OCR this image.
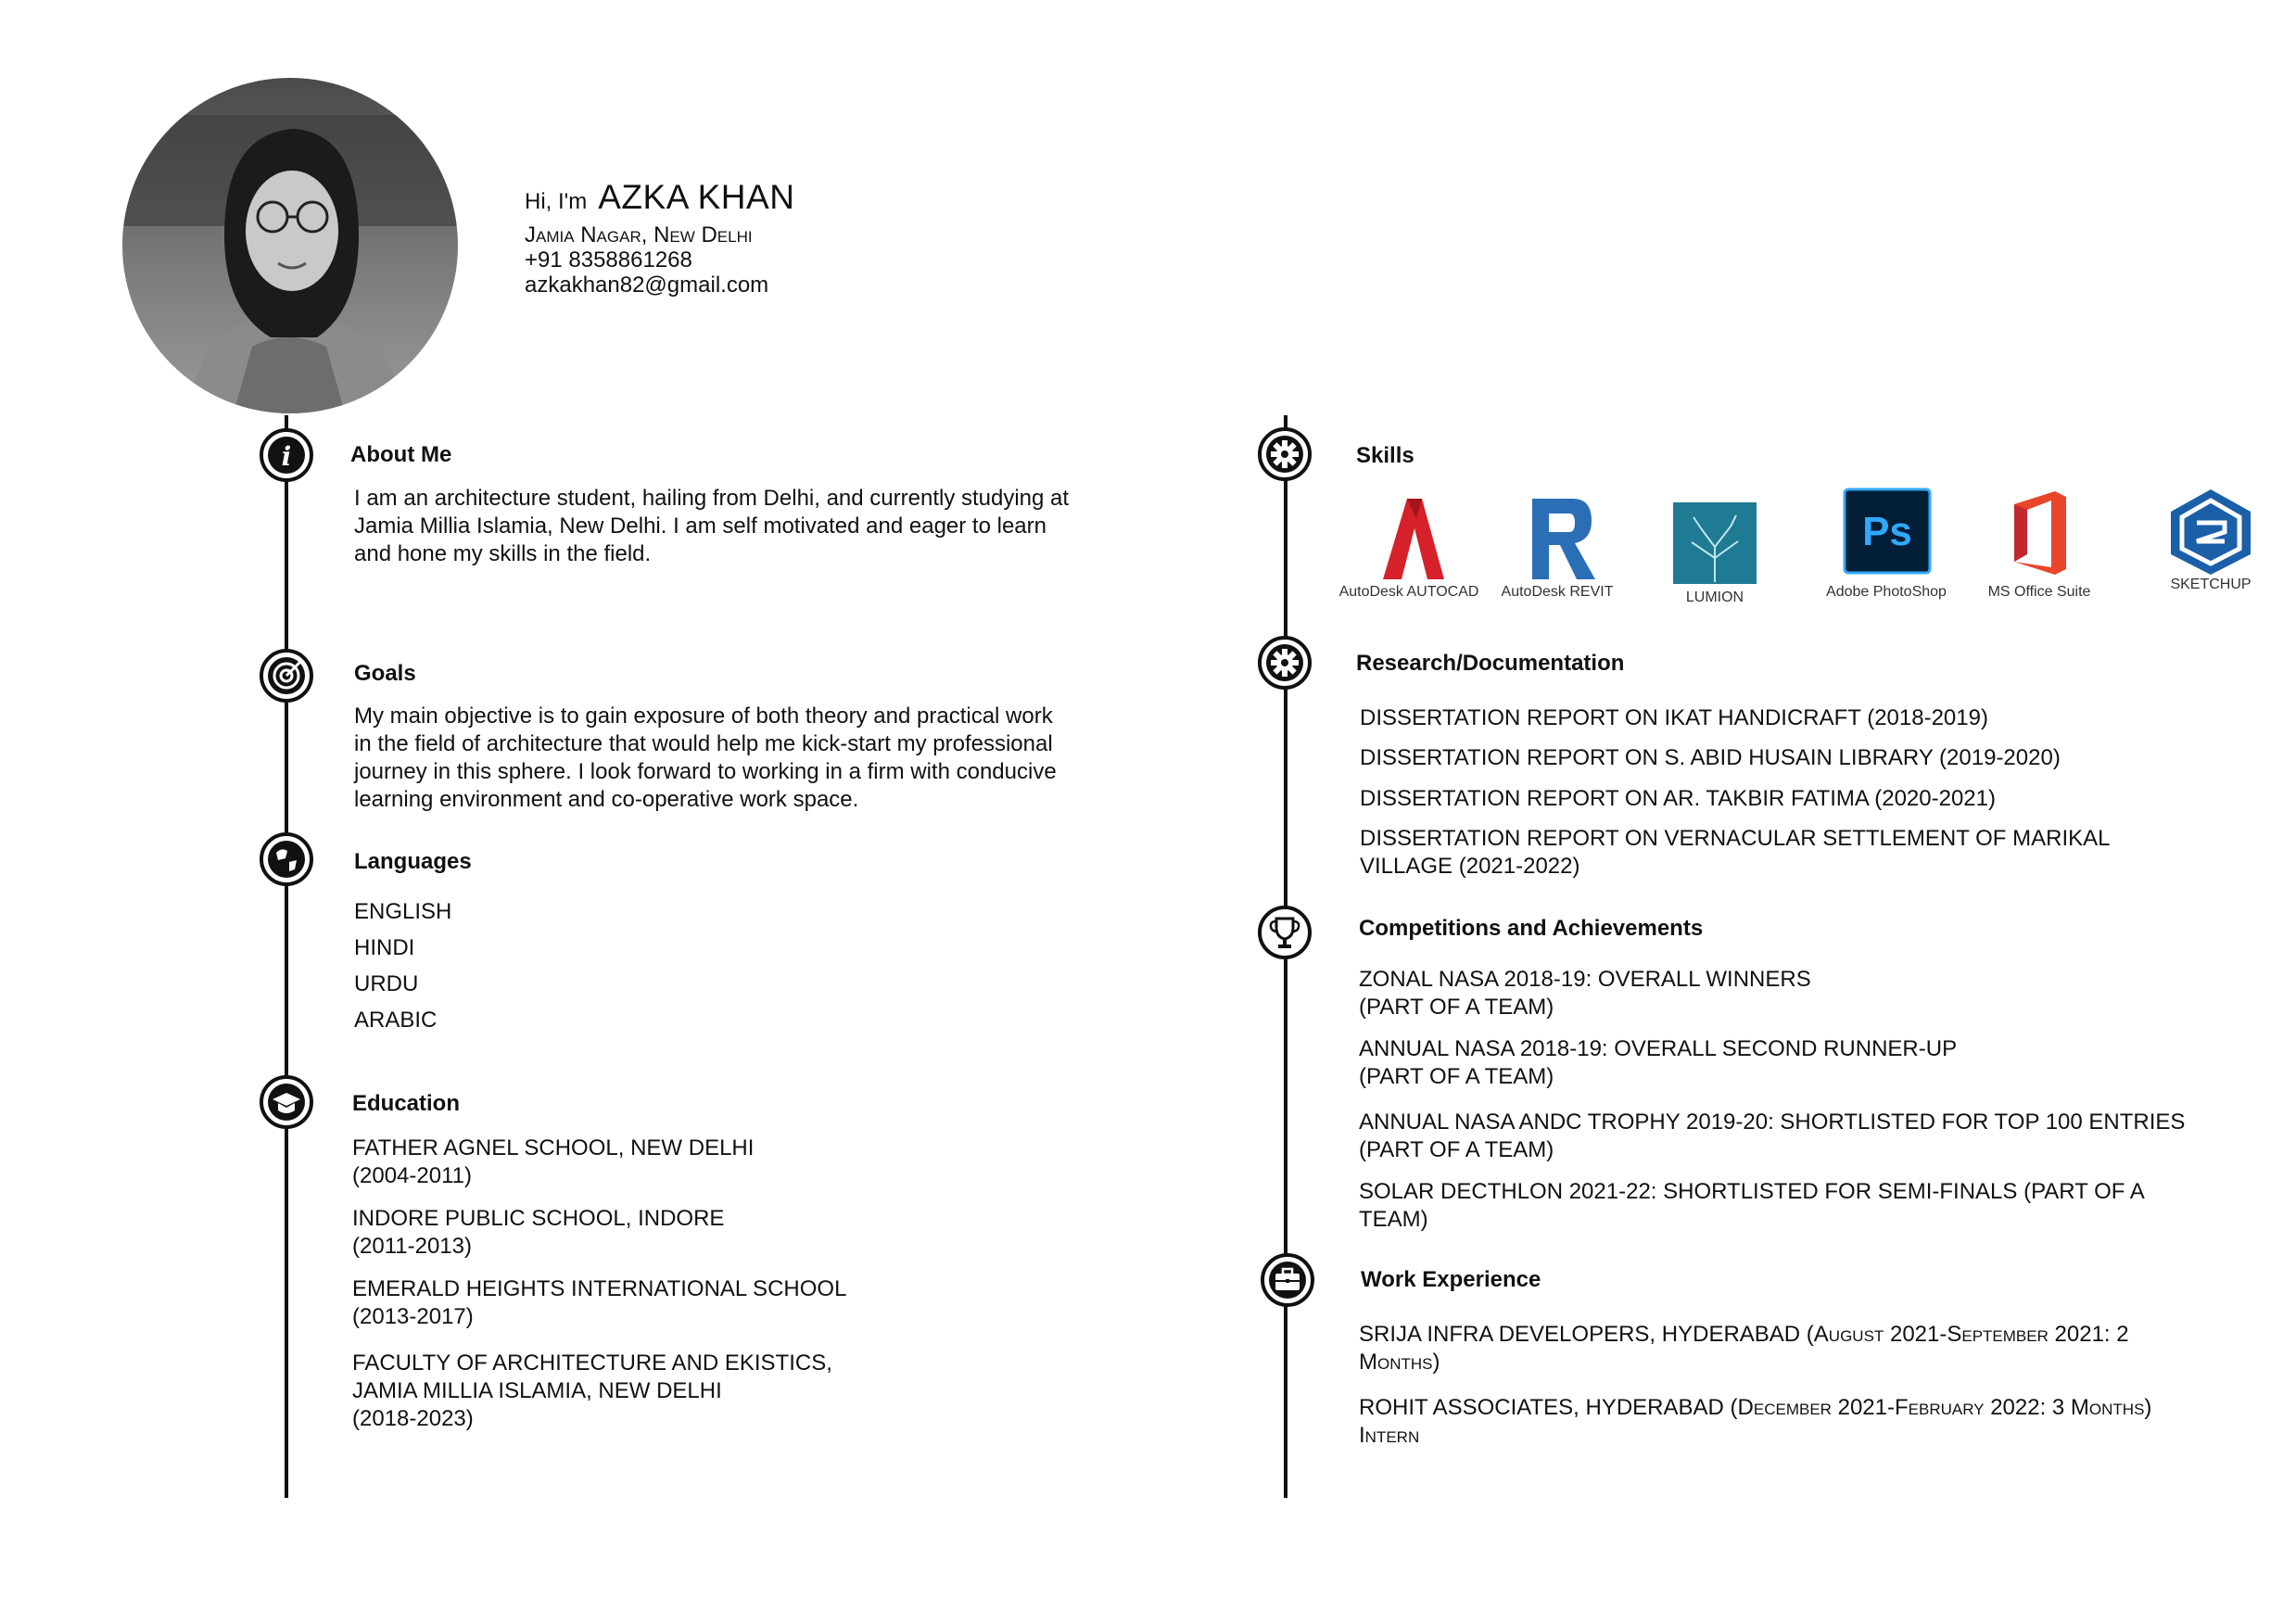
Hi, I'm AZKA KHAN
Jamia Nagar, New Delhi
+91 8358861268
azkakhan82@gmail.com
i	About Me
I am an architecture student, hailing from Delhi, and currently studying at
Jamia Millia Islamia, New Delhi. I am self motivated and eager to learn
and hone my skills in the field.
Goals
My main objective is to gain exposure of both theory and practical work
in the field of architecture that would help me kick-start my professional
journey in this sphere. I look forward to working in a firm with conducive
learning environment and co-operative work space.
Languages
ENGLISH
HINDI
URDU
ARABIC
Education
FATHER AGNEL SCHOOL, NEW DELHI
(2004-2011)
INDORE PUBLIC SCHOOL, INDORE
(2011-2013)
EMERALD HEIGHTS INTERNATIONAL SCHOOL
(2013-2017)
FACULTY OF ARCHITECTURE AND EKISTICS,
JAMIA MILLIA ISLAMIA, NEW DELHI
(2018-2023)
Skills
AutoDesk AUTOCAD	AutoDesk REVIT	LUMION
Ps
Adobe PhotoShop	MS Office Suite	SKETCHUP
Research/Documentation
DISSERTATION REPORT ON IKAT HANDICRAFT (2018-2019)
DISSERTATION REPORT ON S. ABID HUSAIN LIBRARY (2019-2020)
DISSERTATION REPORT ON AR. TAKBIR FATIMA (2020-2021)
DISSERTATION REPORT ON VERNACULAR SETTLEMENT OF MARIKAL
VILLAGE (2021-2022)
Competitions and Achievements
ZONAL NASA 2018-19: OVERALL WINNERS
(PART OF A TEAM)
ANNUAL NASA 2018-19: OVERALL SECOND RUNNER-UP
(PART OF A TEAM)
ANNUAL NASA ANDC TROPHY 2019-20: SHORTLISTED FOR TOP 100 ENTRIES
(PART OF A TEAM)
SOLAR DECTHLON 2021-22: SHORTLISTED FOR SEMI-FINALS (PART OF A
TEAM)
Work Experience
SRIJA INFRA DEVELOPERS, HYDERABAD (August 2021-September 2021: 2
Months)
ROHIT ASSOCIATES, HYDERABAD (December 2021-February 2022: 3 Months)
Intern
